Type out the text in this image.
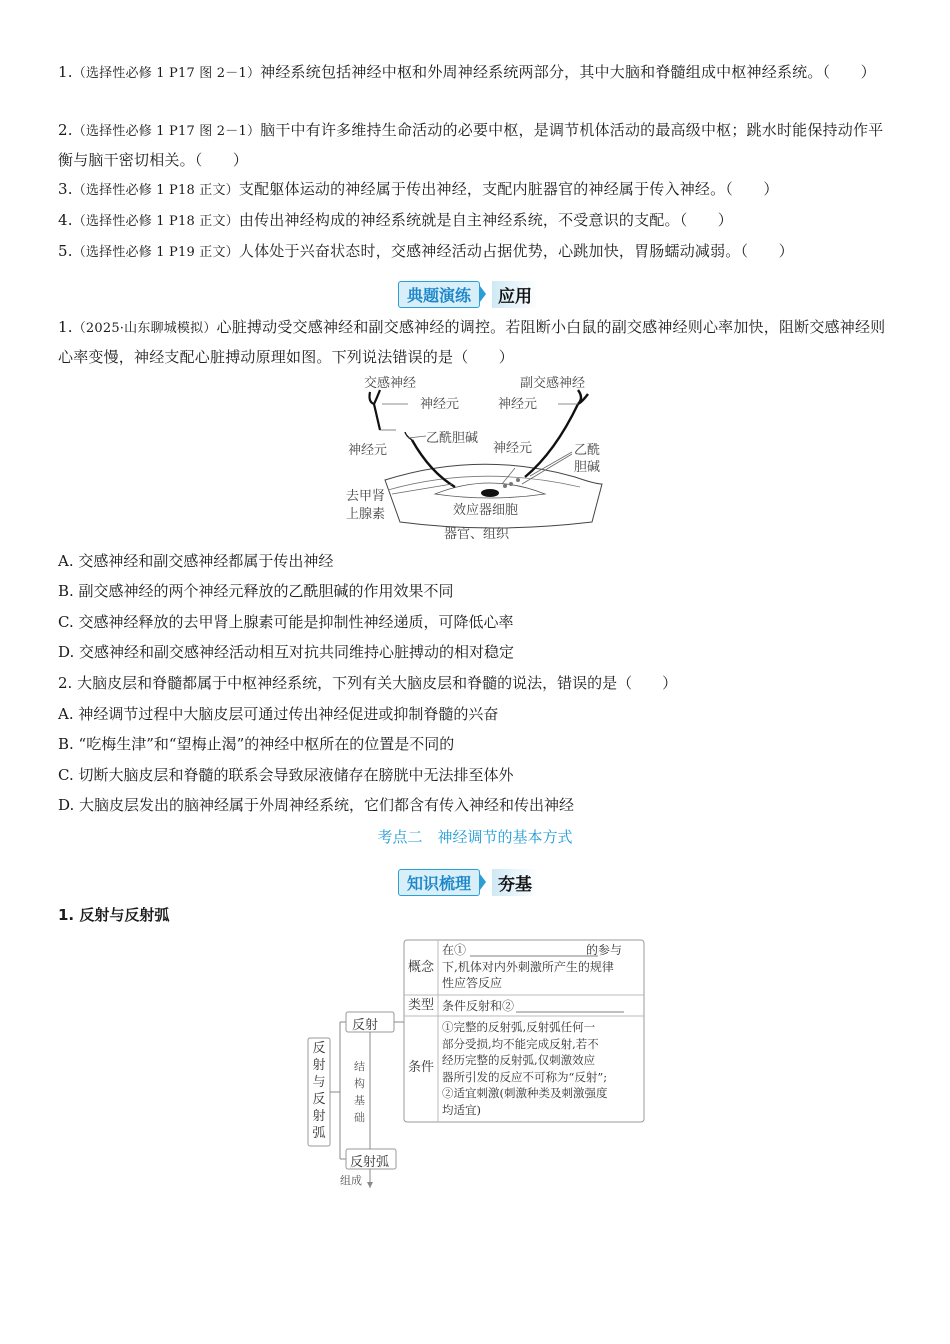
1.（选择性必修 1 P17 图 2－1）神经系统包括神经中枢和外周神经系统两部分，其中大脑和脊髓组成中枢神经系统。（　　）
2.（选择性必修 1 P17 图 2－1）脑干中有许多维持生命活动的必要中枢，是调节机体活动的最高级中枢；跳水时能保持动作平衡与脑干密切相关。（　　）
3.（选择性必修 1 P18 正文）支配躯体运动的神经属于传出神经，支配内脏器官的神经属于传入神经。（　　）
4.（选择性必修 1 P18 正文）由传出神经构成的神经系统就是自主神经系统，不受意识的支配。（　　）
5.（选择性必修 1 P19 正文）人体处于兴奋状态时，交感神经活动占据优势，心跳加快，胃肠蠕动减弱。（　　）
典题演练	应用
1.（2025·山东聊城模拟）心脏搏动受交感神经和副交感神经的调控。若阻断小白鼠的副交感神经则心率加快，阻断交感神经则心率变慢，神经支配心脏搏动原理如图。下列说法错误的是（　　）
交感神经	副交感神经
神经元	神经元
神经元
乙酰胆碱
神经元	乙酰
胆碱
去甲肾
上腺素	效应器细胞
器官、组织
A. 交感神经和副交感神经都属于传出神经
B. 副交感神经的两个神经元释放的乙酰胆碱的作用效果不同
C. 交感神经释放的去甲肾上腺素可能是抑制性神经递质，可降低心率
D. 交感神经和副交感神经活动相互对抗共同维持心脏搏动的相对稳定
2. 大脑皮层和脊髓都属于中枢神经系统，下列有关大脑皮层和脊髓的说法，错误的是（　　）
A. 神经调节过程中大脑皮层可通过传出神经促进或抑制脊髓的兴奋
B. “吃梅生津”和“望梅止渴”的神经中枢所在的位置是不同的
C. 切断大脑皮层和脊髓的联系会导致尿液储存在膀胱中无法排至体外
D. 大脑皮层发出的脑神经属于外周神经系统，它们都含有传入神经和传出神经
考点二　神经调节的基本方式
知识梳理	夯基
1. 反射与反射弧
反
射
与
反
射
弧
反射
反射弧
结
构
基
础
组成
概念
在①　　　　　　　　　　的参与
下,机体对内外刺激所产生的规律
性应答反应
类型 条件反射和②　　　　　　　　　
条件
①完整的反射弧,反射弧任何一
部分受损,均不能完成反射,若不
经历完整的反射弧,仅刺激效应
器所引发的反应不可称为“反射”;
②适宜刺激(刺激种类及刺激强度
均适宜)
